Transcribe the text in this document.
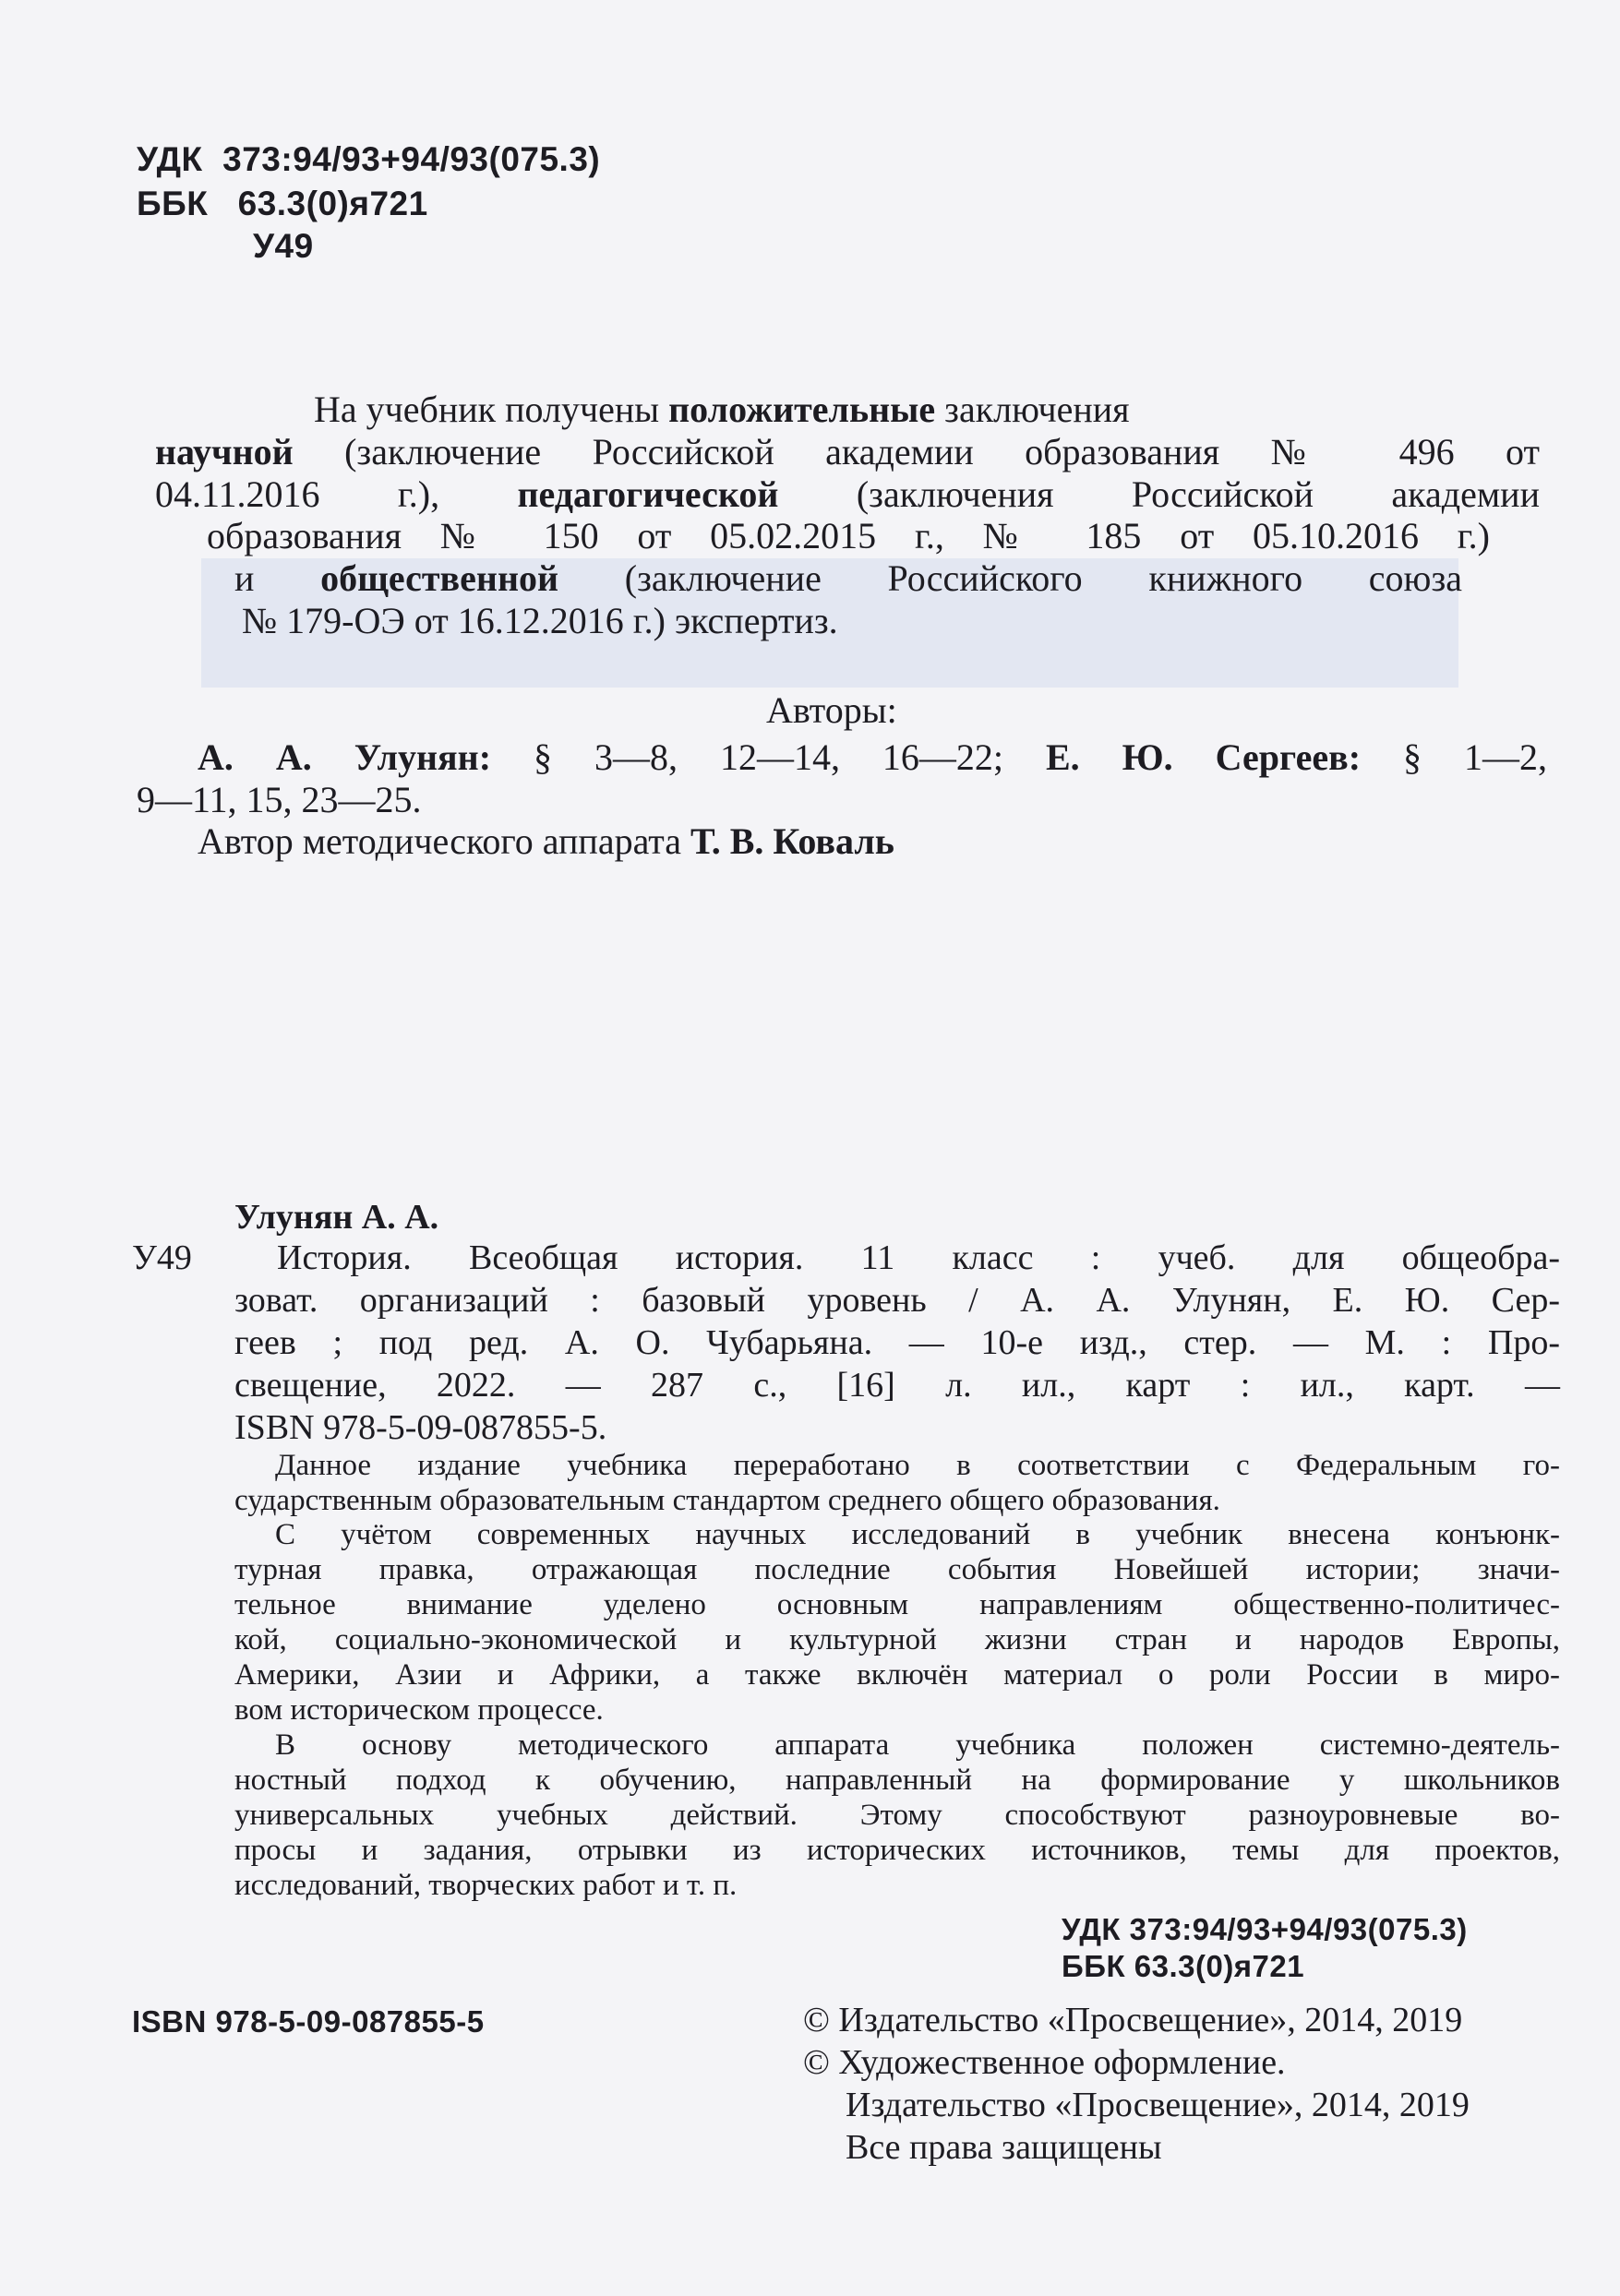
УДК 373:94/93+94/93(075.3)
ББК 63.3(0)я721
У49
На учебник получены положительные заключения
научной (заключение Российской академии образования № 496 от
04.11.2016 г.), педагогической (заключения Российской академии
образования № 150 от 05.02.2015 г., № 185 от 05.10.2016 г.)
и общественной (заключение Российского книжного союза
№ 179-ОЭ от 16.12.2016 г.) экспертиз.
Авторы:
А. А. Улунян: § 3—8, 12—14, 16—22; Е. Ю. Сергеев: § 1—2,
9—11, 15, 23—25.
Автор методического аппарата Т. В. Коваль
Улунян А. А.
У49 История. Всеобщая история. 11 класс : учеб. для общеобра-
зоват. организаций : базовый уровень / А. А. Улунян, Е. Ю. Сер-
геев ; под ред. А. О. Чубарьяна. — 10-е изд., стер. — М. : Про-
свещение, 2022. — 287 с., [16] л. ил., карт : ил., карт. —
ISBN 978-5-09-087855-5.
Данное издание учебника переработано в соответствии с Федеральным го-
сударственным образовательным стандартом среднего общего образования.
С учётом современных научных исследований в учебник внесена конъюнк-
турная правка, отражающая последние события Новейшей истории; значи-
тельное внимание уделено основным направлениям общественно-политичес-
кой, социально-экономической и культурной жизни стран и народов Европы,
Америки, Азии и Африки, а также включён материал о роли России в миро-
вом историческом процессе.
В основу методического аппарата учебника положен системно-деятель-
ностный подход к обучению, направленный на формирование у школьников
универсальных учебных действий. Этому способствуют разноуровневые во-
просы и задания, отрывки из исторических источников, темы для проектов,
исследований, творческих работ и т. п.
УДК 373:94/93+94/93(075.3)
ББК 63.3(0)я721
ISBN 978-5-09-087855-5	© Издательство «Просвещение», 2014, 2019
© Художественное оформление.
Издательство «Просвещение», 2014, 2019
Все права защищены
